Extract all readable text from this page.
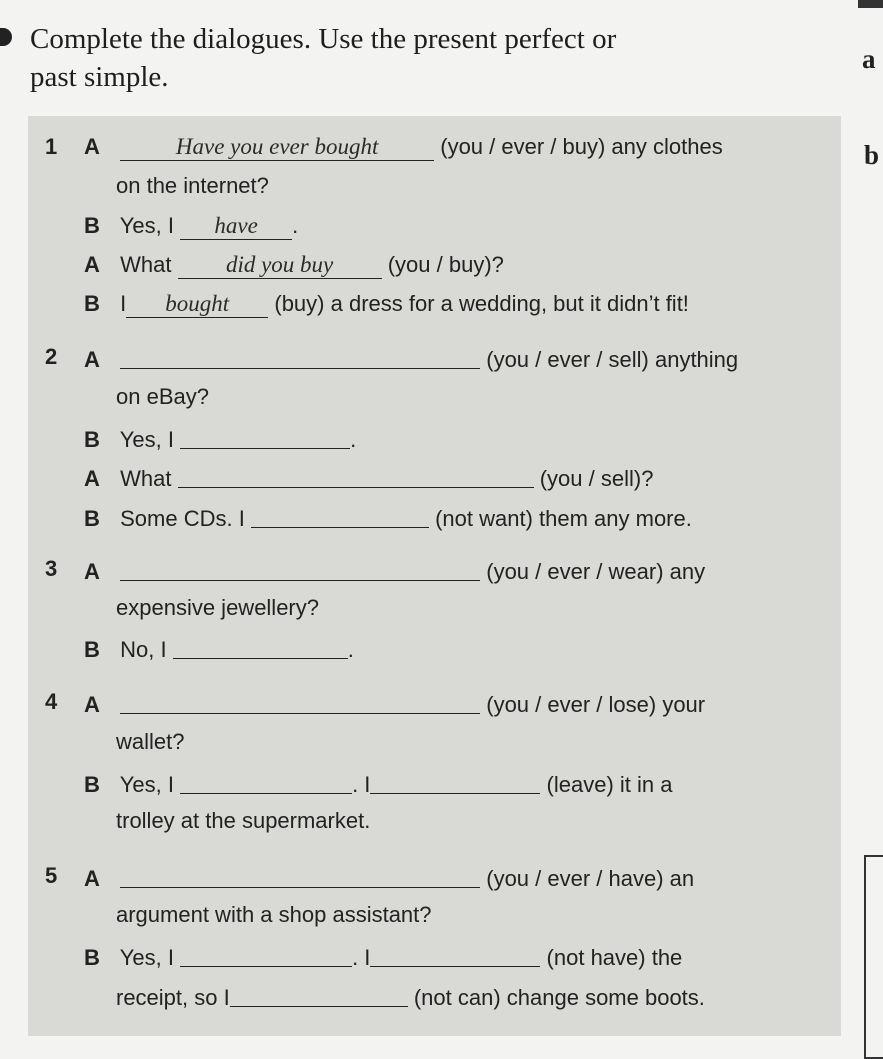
Complete the dialogues. Use the present perfect or
past simple.
a
b
1 A	Have you ever bought	(you / ever / buy) any clothes
on the internet?
B Yes, I have .
A What did you buy (you / buy)?
B I bought (buy) a dress for a wedding, but it didn’t fit!
2 A	(you / ever / sell) anything
on eBay?
B Yes, I	.
A What	(you / sell)?
B Some CDs. I	(not want) them any more.
3 A	(you / ever / wear) any
expensive jewellery?
B No, I	.
4 A	(you / ever / lose) your
wallet?
B Yes, I	. I	(leave) it in a
trolley at the supermarket.
5 A	(you / ever / have) an
argument with a shop assistant?
B Yes, I	. I	(not have) the
receipt, so I	(not can) change some boots.
